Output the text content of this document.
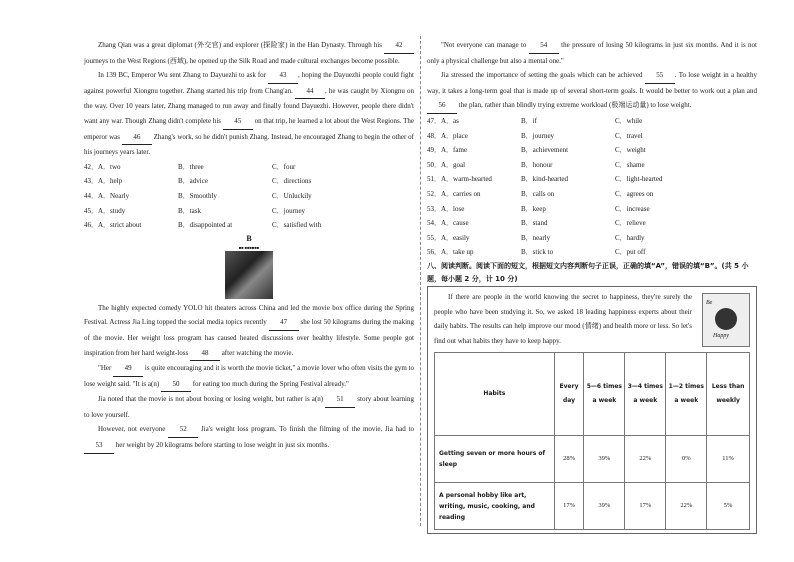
Zhang Qian was a great diplomat (外交官) and explorer (探险家) in the Han Dynasty. Through his 42 journeys to the West Regions (西域), he opened up the Silk Road and made cultural exchanges become possible.

In 139 BC, Emperor Wu sent Zhang to Dayuezhi to ask for 43 , hoping the Dayuezhi people could fight against powerful Xiongnu together. Zhang started his trip from Chang'an. 44 , he was caught by Xiongnu on the way. Over 10 years later, Zhang managed to run away and finally found Dayuezhi. However, people there didn't want any war. Though Zhang didn't complete his 45 on that trip, he learned a lot about the West Regions. The emperor was 46 Zhang's work, so he didn't punish Zhang. Instead, he encouraged Zhang to begin the other of his journeys years later.

42．A．two	B．three	C．four
43．A．help	B．advice	C．directions
44．A．Nearly	B．Smoothly	C．Unluckily
45．A．study	B．task	C．journey
46．A．strict about	B．disappointed at	C．satisfied with
B
■■ ■■■■■■

The highly expected comedy YOLO hit theaters across China and led the movie box office during the Spring Festival. Actress Jia Ling topped the social media topics recently 47 she lost 50 kilograms during the making of the movie. Her weight loss program has caused heated discussions over healthy lifestyle. Some people got inspiration from her hard weight-loss 48 after watching the movie.

"Her 49 is quite encouraging and it is worth the movie ticket," a movie lover who often visits the gym to lose weight said. "It is a(n) 50 for eating too much during the Spring Festival already."

Jia noted that the movie is not about boxing or losing weight, but rather is a(n) 51 story about learning to love yourself.

However, not everyone 52 Jia's weight loss program. To finish the filming of the movie, Jia had to 53 her weight by 20 kilograms before starting to lose weight in just six months.

"Not everyone can manage to 54 the pressure of losing 50 kilograms in just six months. And it is not only a physical challenge but also a mental one."

Jia stressed the importance of setting the goals which can be achieved 55 . To lose weight in a healthy way, it takes a long-term goal that is made up of several short-term goals. It would be better to work out a plan and 56 the plan, rather than blindly trying extreme workload (极端运动量) to lose weight.

47．A．as	B．if	C．while
48．A．place	B．journey	C．travel
49．A．fame	B．achievement	C．weight
50．A．goal	B．honour	C．shame
51．A．warm-hearted	B．kind-hearted	C．light-hearted
52．A．carries on	B．calls on	C．agrees on
53．A．lose	B．keep	C．increase
54．A．cause	B．stand	C．relieve
55．A．easily	B．nearly	C．hardly
56．A．take up	B．stick to	C．put off
八、阅读判断。阅读下面的短文，根据短文内容判断句子正误，正确的填“A”，错误的填“B”。(共 5 小题，每小题 2 分，计 10 分)

If there are people in the world knowing the secret to happiness, they're surely the people who have been studying it. So, we asked 18 leading happiness experts about their daily habits. The results can help improve our mood (情绪) and health more or less. So let's find out what habits they have to keep happy.

Be
Happy
Habits	Every day	5—6 times a week	3—4 times a week	1—2 times a week	Less than weekly
Getting seven or more hours of sleep	28%	39%	22%	0%	11%
A personal hobby like art, writing, music, cooking, and reading	17%	39%	17%	22%	5%
